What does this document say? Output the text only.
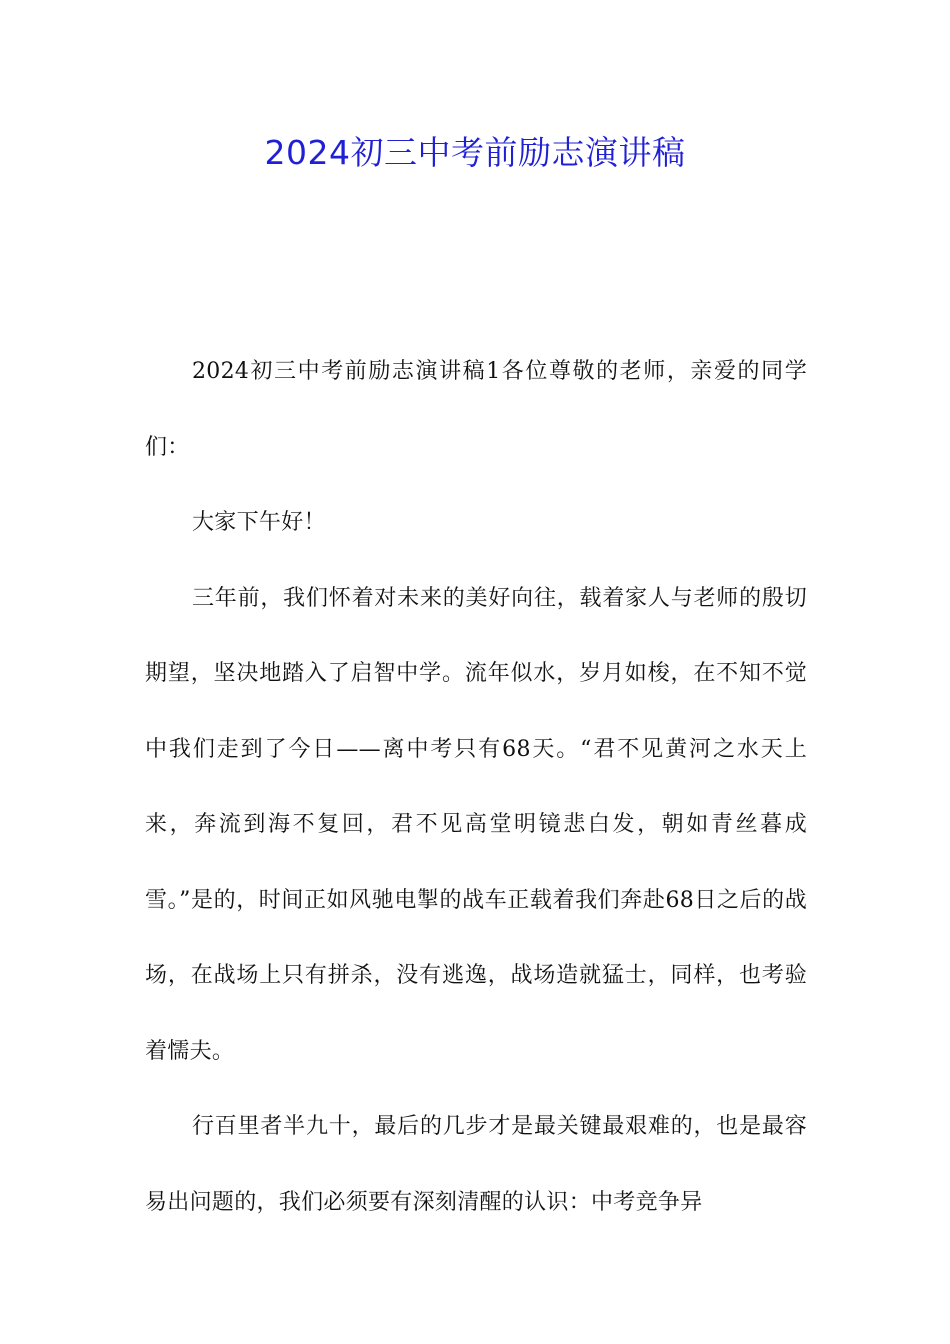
2024初三中考前励志演讲稿

2024初三中考前励志演讲稿1各位尊敬的老师，亲爱的同学们：

大家下午好！

三年前，我们怀着对未来的美好向往，载着家人与老师的殷切期望，坚决地踏入了启智中学。流年似水，岁月如梭，在不知不觉中我们走到了今日——离中考只有68天。“君不见黄河之水天上来，奔流到海不复回，君不见高堂明镜悲白发，朝如青丝暮成雪。”是的，时间正如风驰电掣的战车正载着我们奔赴68日之后的战场，在战场上只有拼杀，没有逃逸，战场造就猛士，同样，也考验着懦夫。

行百里者半九十，最后的几步才是最关键最艰难的，也是最容易出问题的，我们必须要有深刻清醒的认识：中考竞争异
